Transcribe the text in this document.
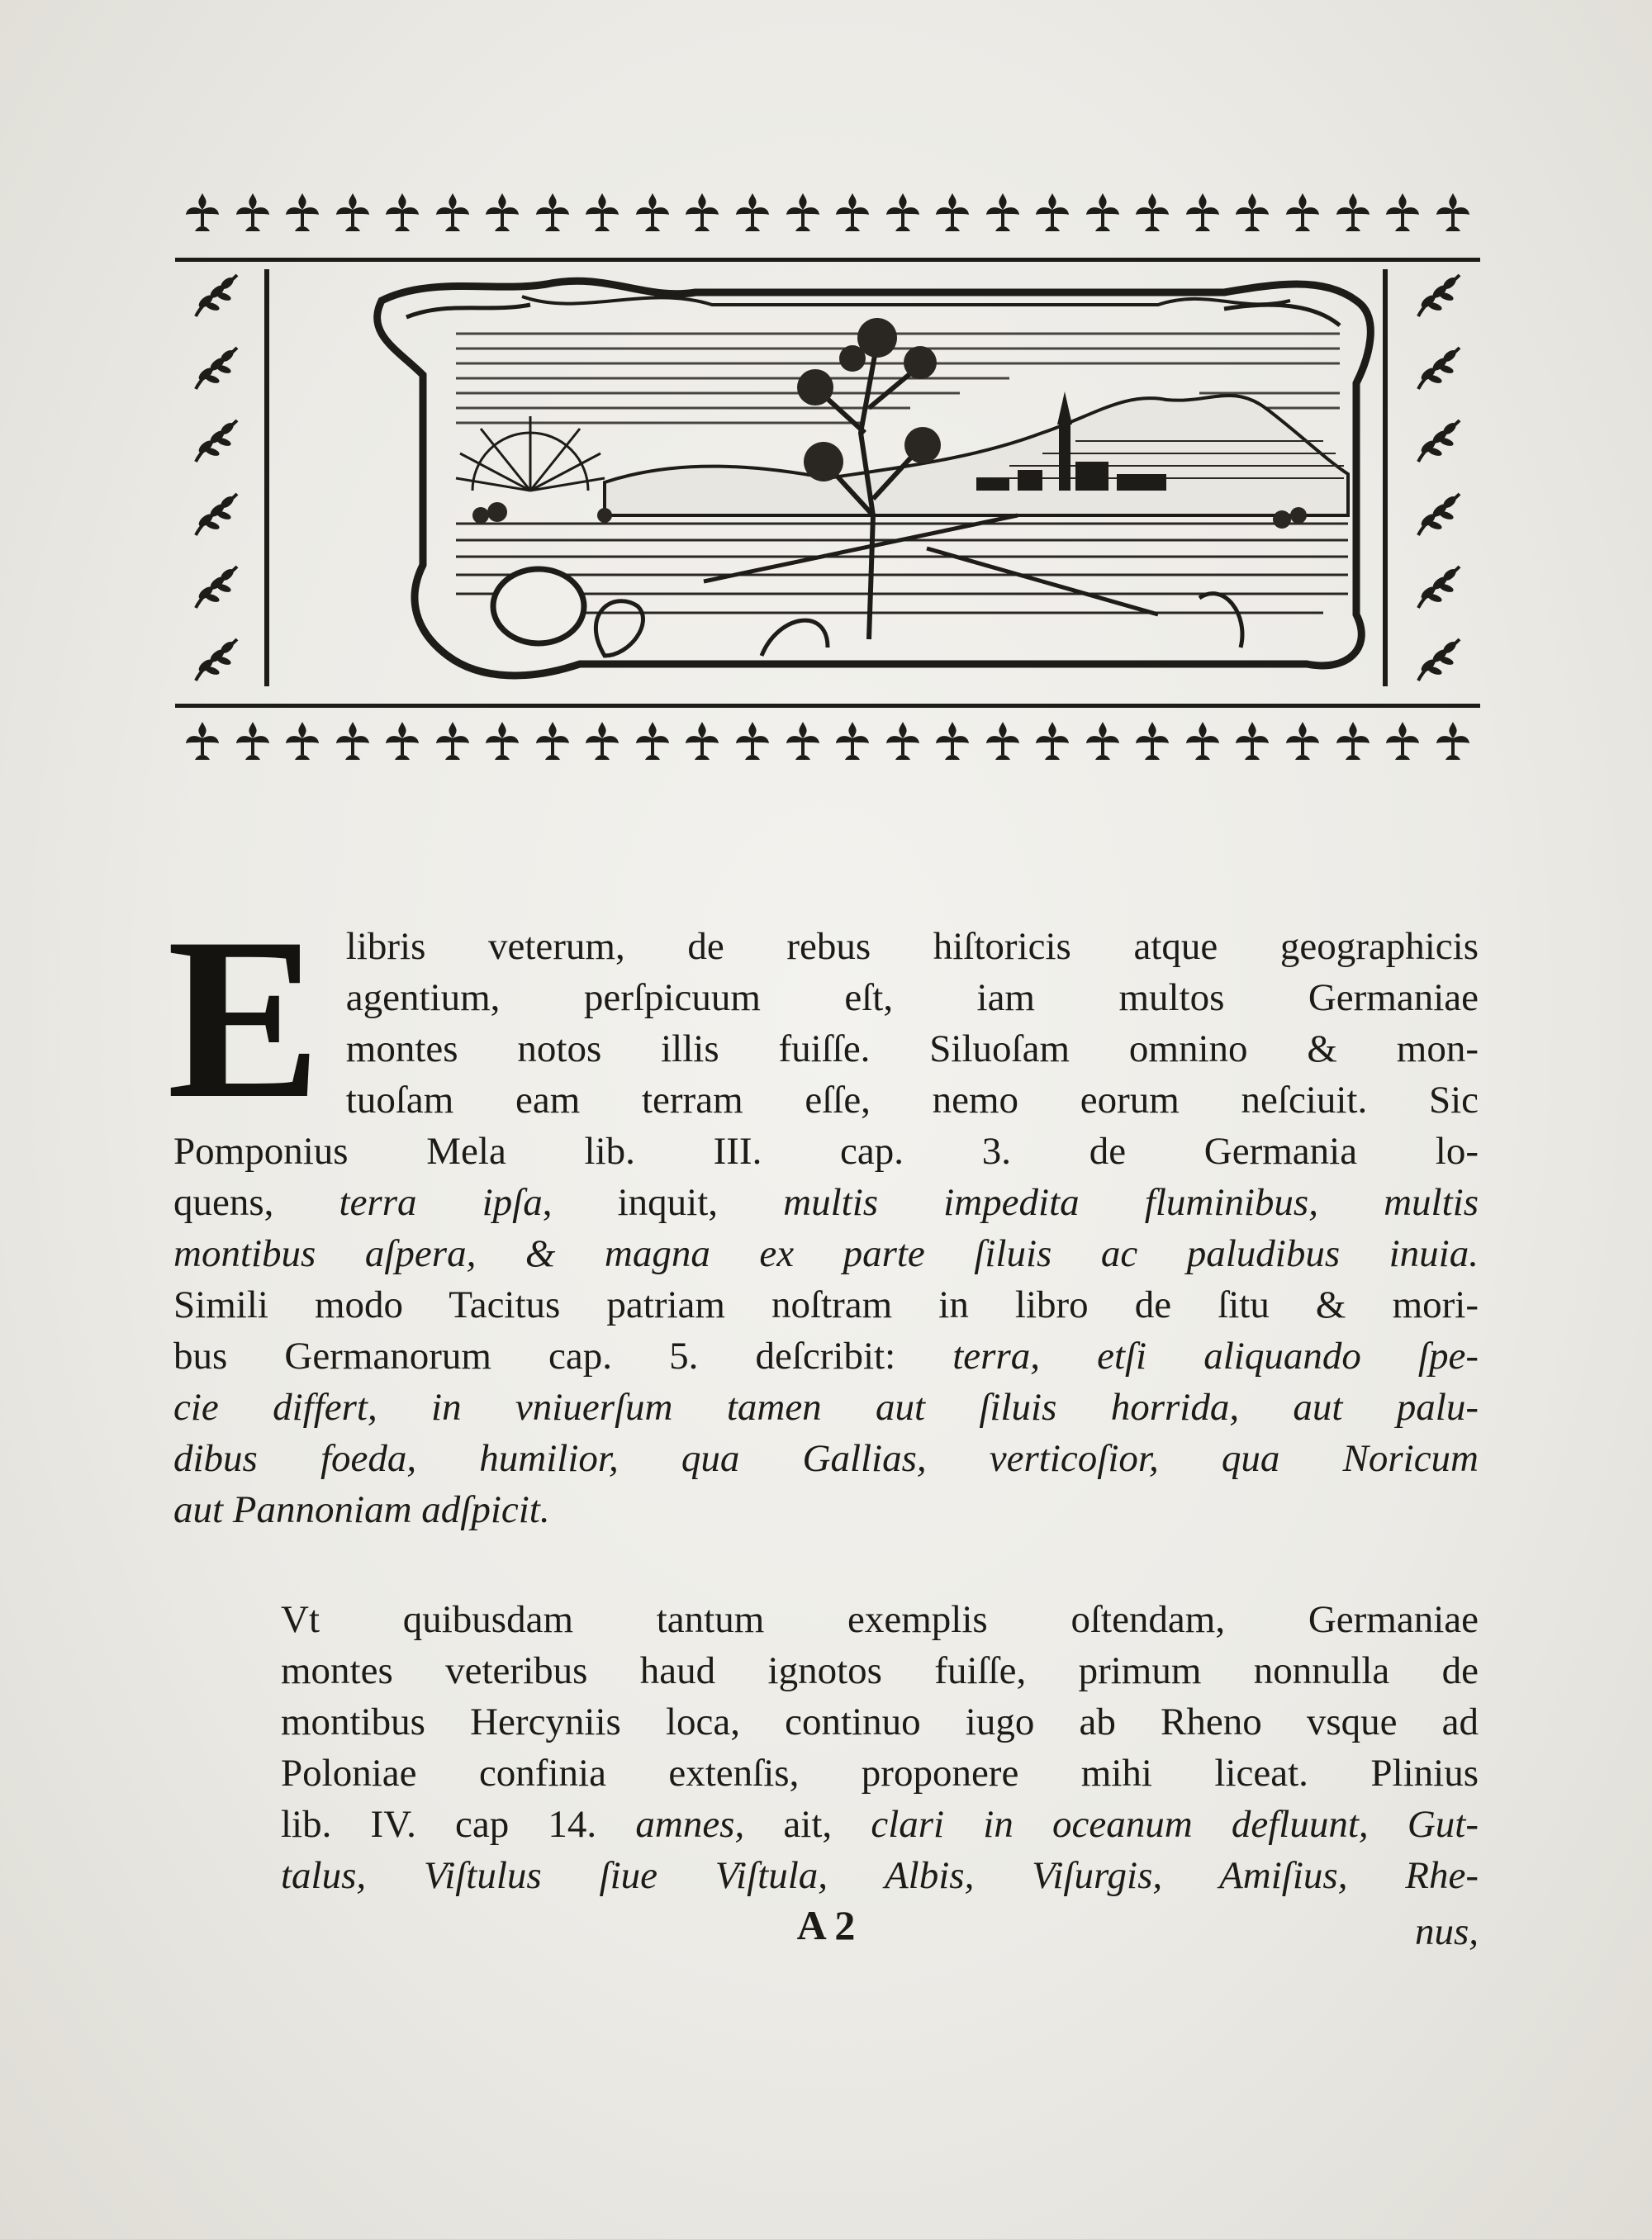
E libris veterum, de rebus hiſtoricis atque geographicis
agentium, perſpicuum eſt, iam multos Germaniae
montes notos illis fuiſſe. Siluoſam omnino & mon-
tuoſam eam terram eſſe, nemo eorum neſciuit. Sic
Pomponius Mela lib. III. cap. 3. de Germania lo-
quens, terra ipſa, inquit, multis impedita fluminibus, multis
montibus aſpera, & magna ex parte ſiluis ac paludibus inuia.
Simili modo Tacitus patriam noſtram in libro de ſitu & mori-
bus Germanorum cap. 5. deſcribit: terra, etſi aliquando ſpe-
cie differt, in vniuerſum tamen aut ſiluis horrida, aut palu-
dibus foeda, humilior, qua Gallias, verticoſior, qua Noricum
aut Pannoniam adſpicit.
Vt quibusdam tantum exemplis oſtendam, Germaniae
montes veteribus haud ignotos fuiſſe, primum nonnulla de
montibus Hercyniis loca, continuo iugo ab Rheno vsque ad
Poloniae confinia extenſis, proponere mihi liceat. Plinius
lib. IV. cap 14. amnes, ait, clari in oceanum defluunt, Gut-
talus, Viſtulus ſiue Viſtula, Albis, Viſurgis, Amiſius, Rhe-
A 2	nus,
